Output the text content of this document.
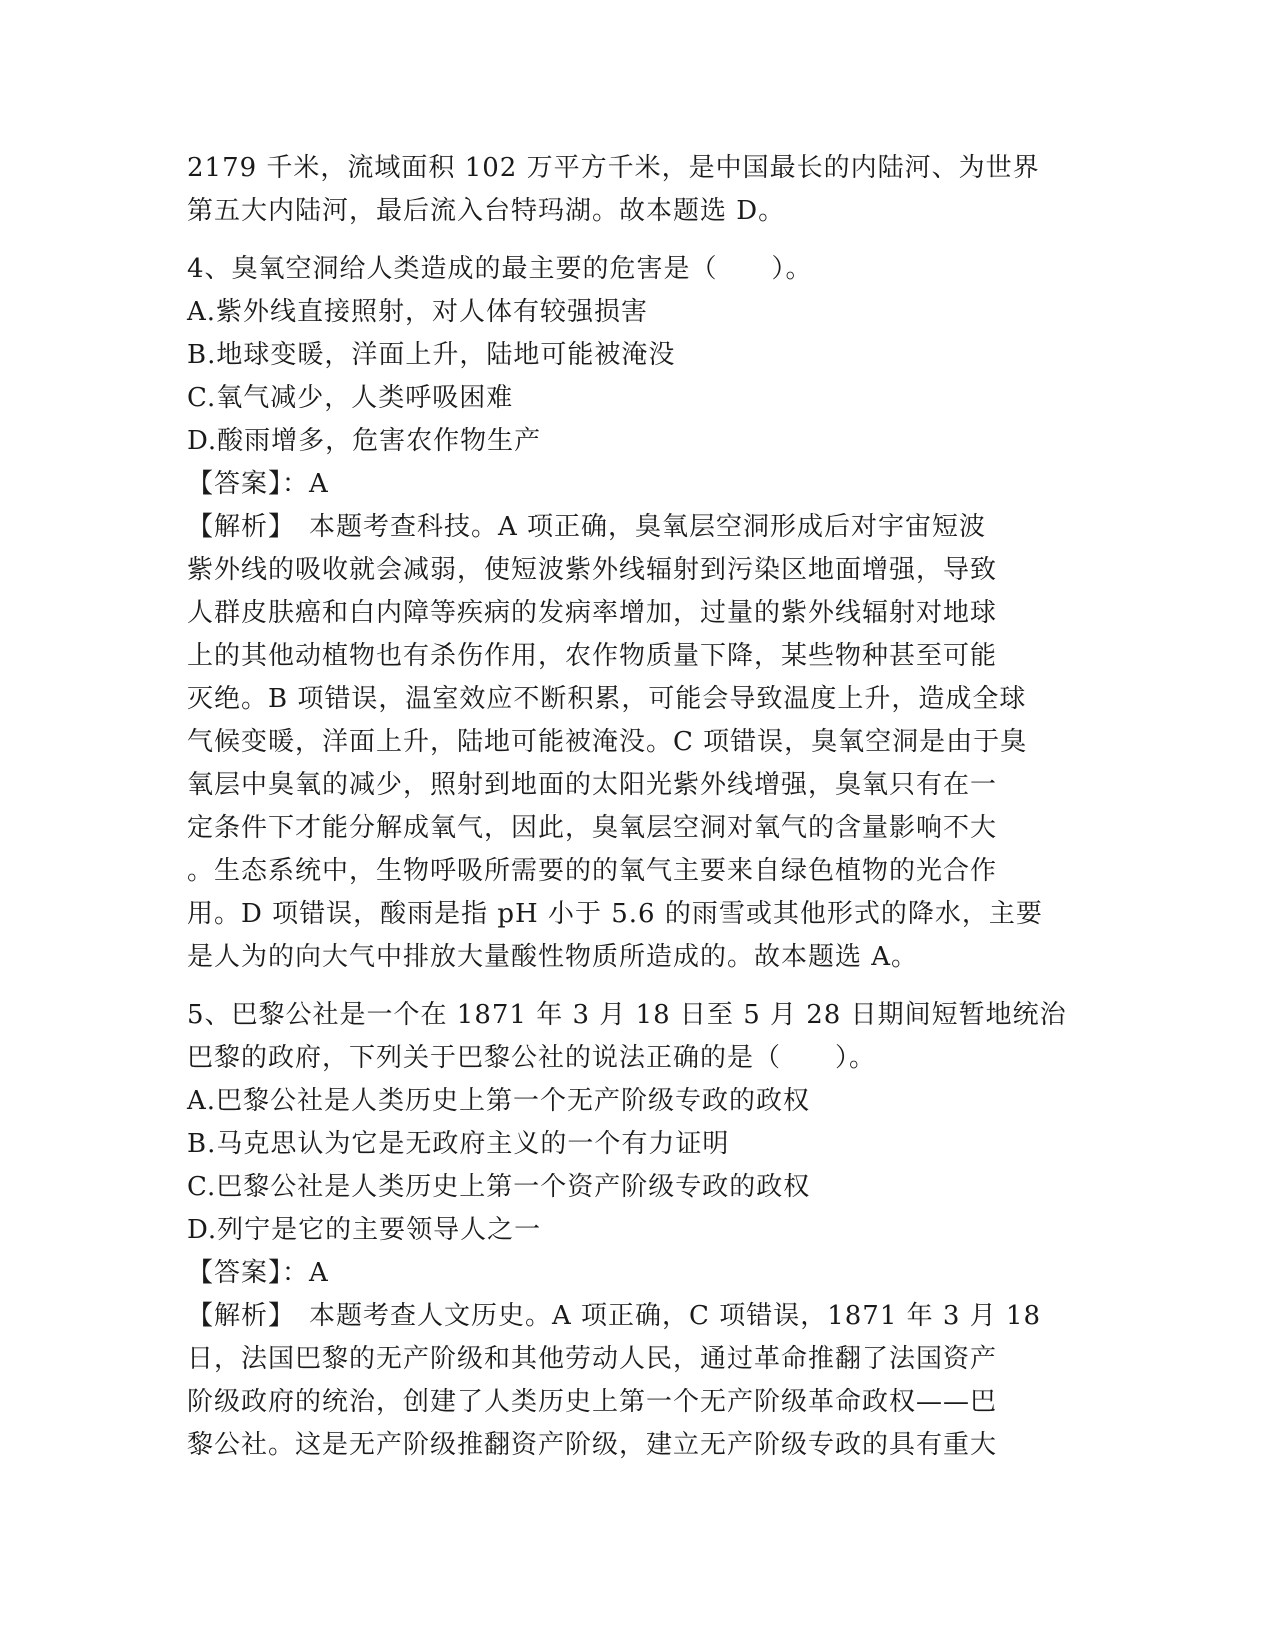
2179 千米，流域面积 102 万平方千米，是中国最长的内陆河、为世界
第五大内陆河，最后流入台特玛湖。故本题选 D。
4、臭氧空洞给人类造成的最主要的危害是（　　）。
A.紫外线直接照射，对人体有较强损害
B.地球变暖，洋面上升，陆地可能被淹没
C.氧气减少，人类呼吸困难
D.酸雨增多，危害农作物生产
【答案】：A
【解析】　本题考查科技。A 项正确，臭氧层空洞形成后对宇宙短波
紫外线的吸收就会减弱，使短波紫外线辐射到污染区地面增强，导致
人群皮肤癌和白内障等疾病的发病率增加，过量的紫外线辐射对地球
上的其他动植物也有杀伤作用，农作物质量下降，某些物种甚至可能
灭绝。B 项错误，温室效应不断积累，可能会导致温度上升，造成全球
气候变暖，洋面上升，陆地可能被淹没。C 项错误，臭氧空洞是由于臭
氧层中臭氧的减少，照射到地面的太阳光紫外线增强，臭氧只有在一
定条件下才能分解成氧气，因此，臭氧层空洞对氧气的含量影响不大
。生态系统中，生物呼吸所需要的的氧气主要来自绿色植物的光合作
用。D 项错误，酸雨是指 pH 小于 5.6 的雨雪或其他形式的降水，主要
是人为的向大气中排放大量酸性物质所造成的。故本题选 A。
5、巴黎公社是一个在 1871 年 3 月 18 日至 5 月 28 日期间短暂地统治
巴黎的政府，下列关于巴黎公社的说法正确的是（　　）。
A.巴黎公社是人类历史上第一个无产阶级专政的政权
B.马克思认为它是无政府主义的一个有力证明
C.巴黎公社是人类历史上第一个资产阶级专政的政权
D.列宁是它的主要领导人之一
【答案】：A
【解析】　本题考查人文历史。A 项正确，C 项错误，1871 年 3 月 18
日，法国巴黎的无产阶级和其他劳动人民，通过革命推翻了法国资产
阶级政府的统治，创建了人类历史上第一个无产阶级革命政权——巴
黎公社。这是无产阶级推翻资产阶级，建立无产阶级专政的具有重大
